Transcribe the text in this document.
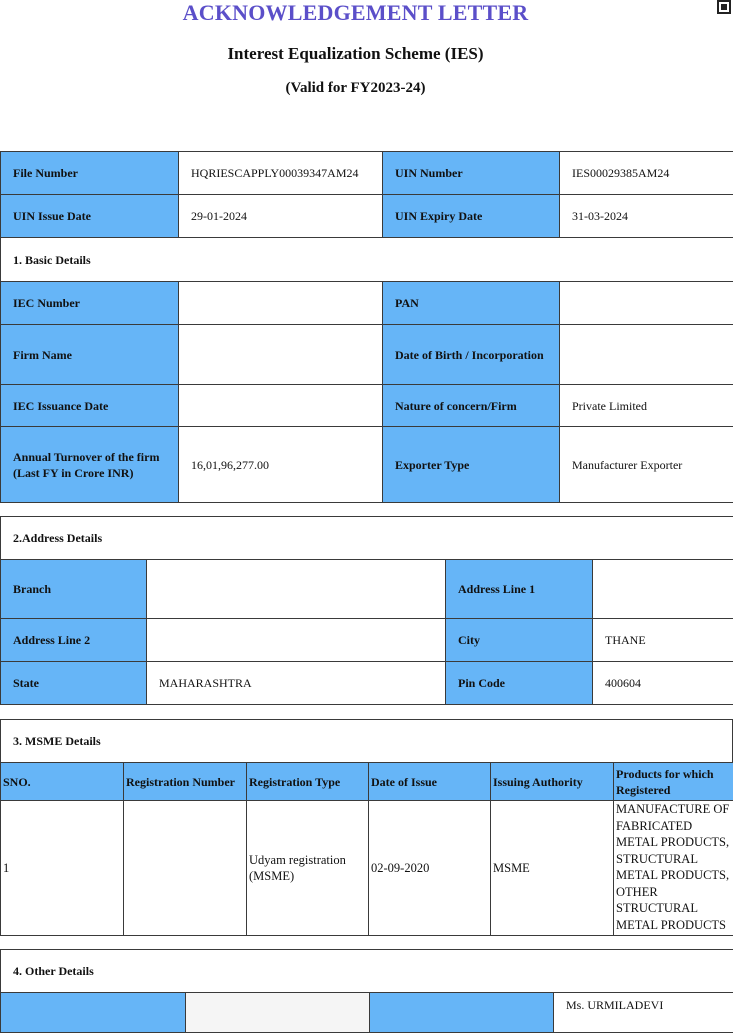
ACKNOWLEDGEMENT LETTER
Interest Equalization Scheme (IES)
(Valid for FY2023-24)
File Number	HQRIESCAPPLY00039347AM24	UIN Number	IES00029385AM24
UIN Issue Date	29-01-2024	UIN Expiry Date	31-03-2024
1. Basic Details			
IEC Number		PAN	
Firm Name		Date of Birth / Incorporation	
IEC Issuance Date		Nature of concern/Firm	Private Limited
Annual Turnover of the firm (Last FY in Crore INR)	16,01,96,277.00	Exporter Type	Manufacturer Exporter
2.Address Details			
Branch		Address Line 1	
Address Line 2		City	THANE
State	MAHARASHTRA	Pin Code	400604
3. MSME Details
SNO.	Registration Number	Registration Type	Date of Issue	Issuing Authority	Products for which Registered
1		Udyam registration (MSME)	02-09-2020	MSME	MANUFACTURE OF FABRICATED METAL PRODUCTS, STRUCTURAL METAL PRODUCTS, OTHER STRUCTURAL METAL PRODUCTS
4. Other Details
			Ms. URMILADEVI
